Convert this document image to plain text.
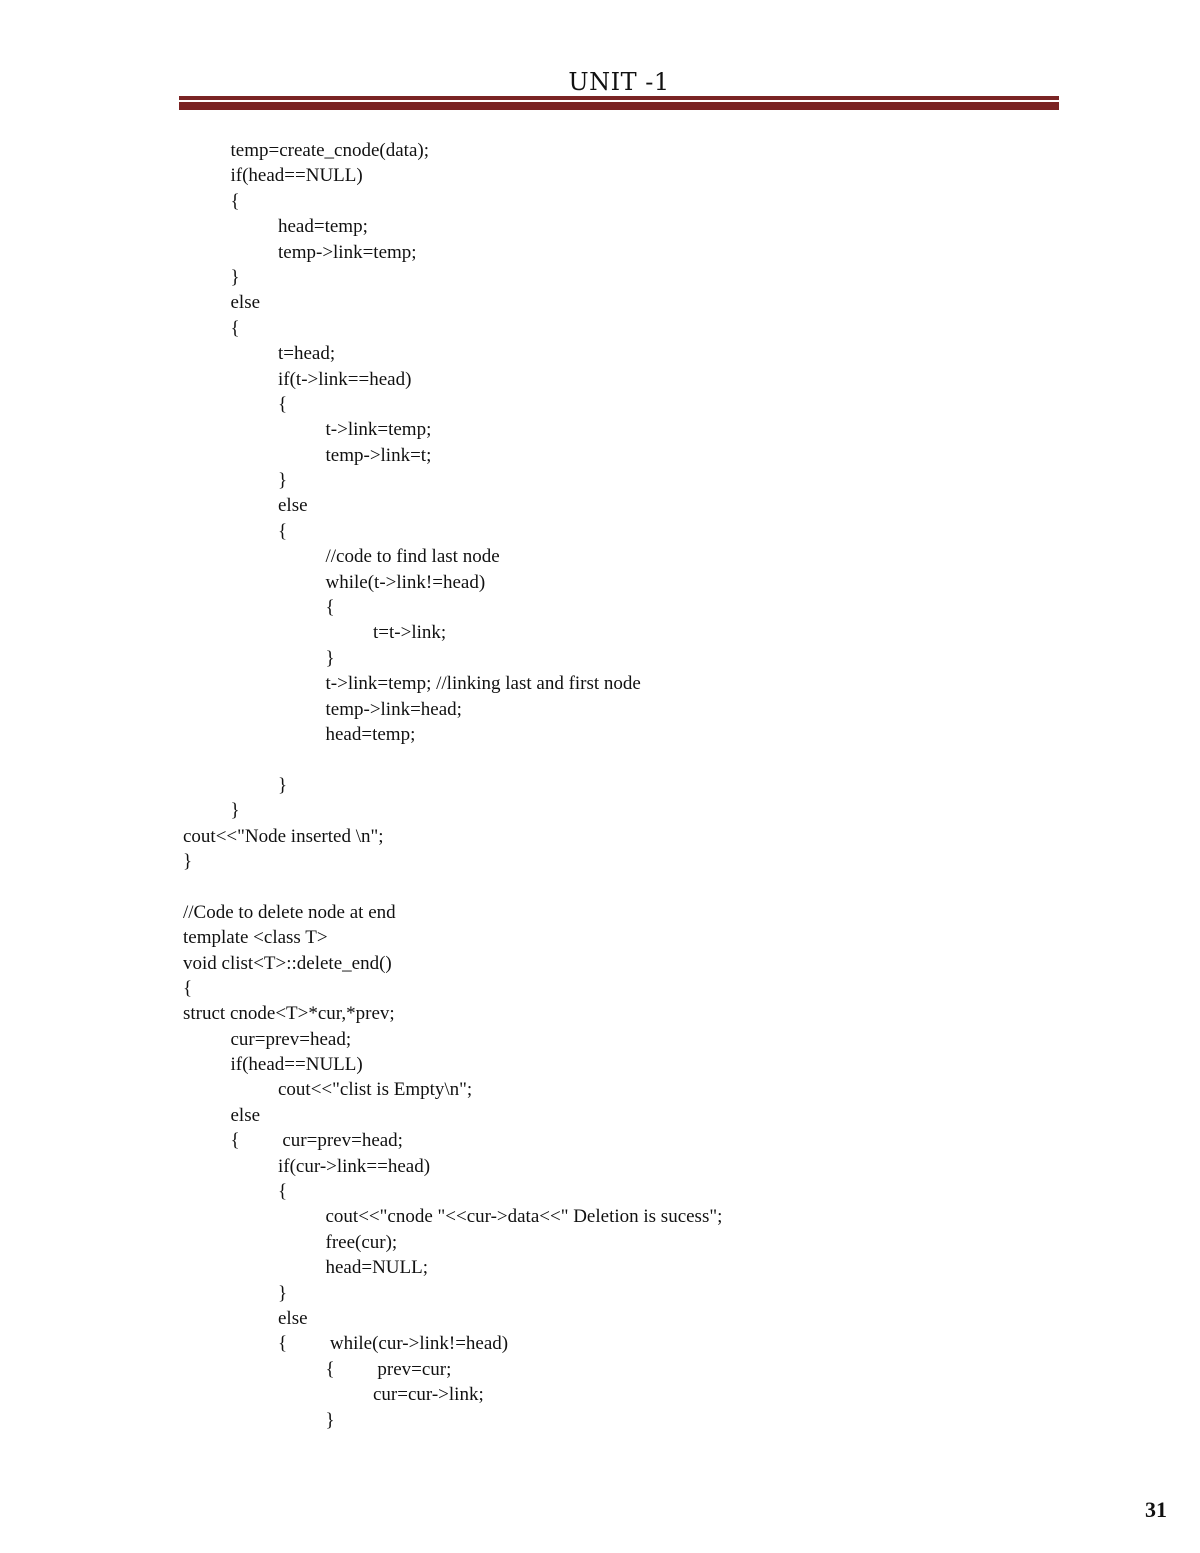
UNIT -1
temp=create_cnode(data);
if(head==NULL)
{
head=temp;
temp->link=temp;
}
else
{
t=head;
if(t->link==head)
{
t->link=temp;
temp->link=t;
}
else
{
//code to find last node
while(t->link!=head)
{
t=t->link;
}
t->link=temp; //linking last and first node
temp->link=head;
head=temp;
}
}
cout<<"Node inserted \n";
}
//Code to delete node at end
template <class T>
void clist<T>::delete_end()
{
struct cnode<T>*cur,*prev;
cur=prev=head;
if(head==NULL)
cout<<"clist is Empty\n";
else
{         cur=prev=head;
if(cur->link==head)
{
cout<<"cnode "<<cur->data<<" Deletion is sucess";
free(cur);
head=NULL;
}
else
{         while(cur->link!=head)
{         prev=cur;
cur=cur->link;
}
31
